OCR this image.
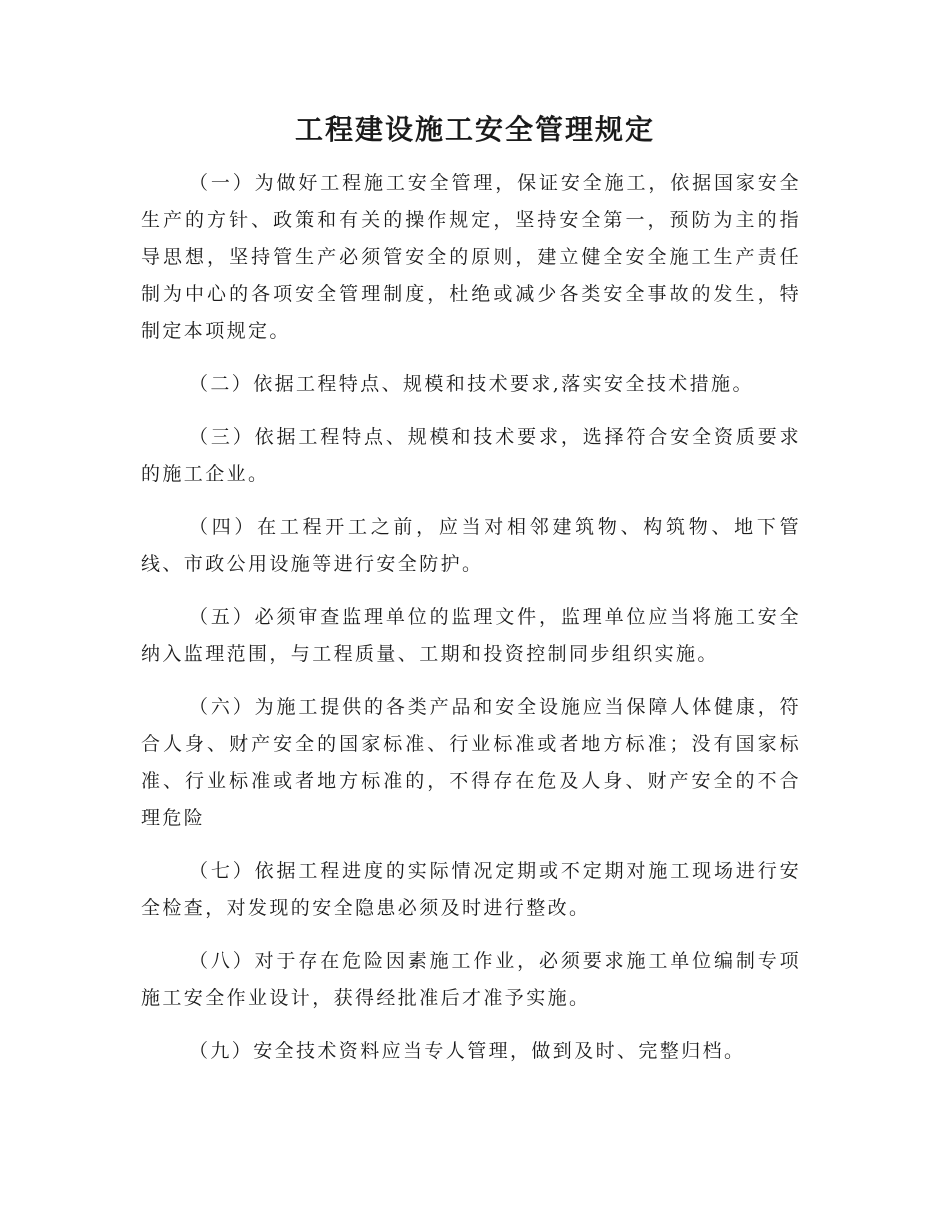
工程建设施工安全管理规定

（一）为做好工程施工安全管理，保证安全施工，依据国家安全生产的方针、政策和有关的操作规定，坚持安全第一，预防为主的指导思想，坚持管生产必须管安全的原则，建立健全安全施工生产责任制为中心的各项安全管理制度，杜绝或减少各类安全事故的发生，特制定本项规定。

（二）依据工程特点、规模和技术要求,落实安全技术措施。

（三）依据工程特点、规模和技术要求，选择符合安全资质要求的施工企业。

（四）在工程开工之前，应当对相邻建筑物、构筑物、地下管线、市政公用设施等进行安全防护。

（五）必须审查监理单位的监理文件，监理单位应当将施工安全纳入监理范围，与工程质量、工期和投资控制同步组织实施。

（六）为施工提供的各类产品和安全设施应当保障人体健康，符合人身、财产安全的国家标准、行业标准或者地方标准；没有国家标准、行业标准或者地方标准的，不得存在危及人身、财产安全的不合理危险

（七）依据工程进度的实际情况定期或不定期对施工现场进行安全检查，对发现的安全隐患必须及时进行整改。

（八）对于存在危险因素施工作业，必须要求施工单位编制专项施工安全作业设计，获得经批准后才准予实施。

（九）安全技术资料应当专人管理，做到及时、完整归档。
